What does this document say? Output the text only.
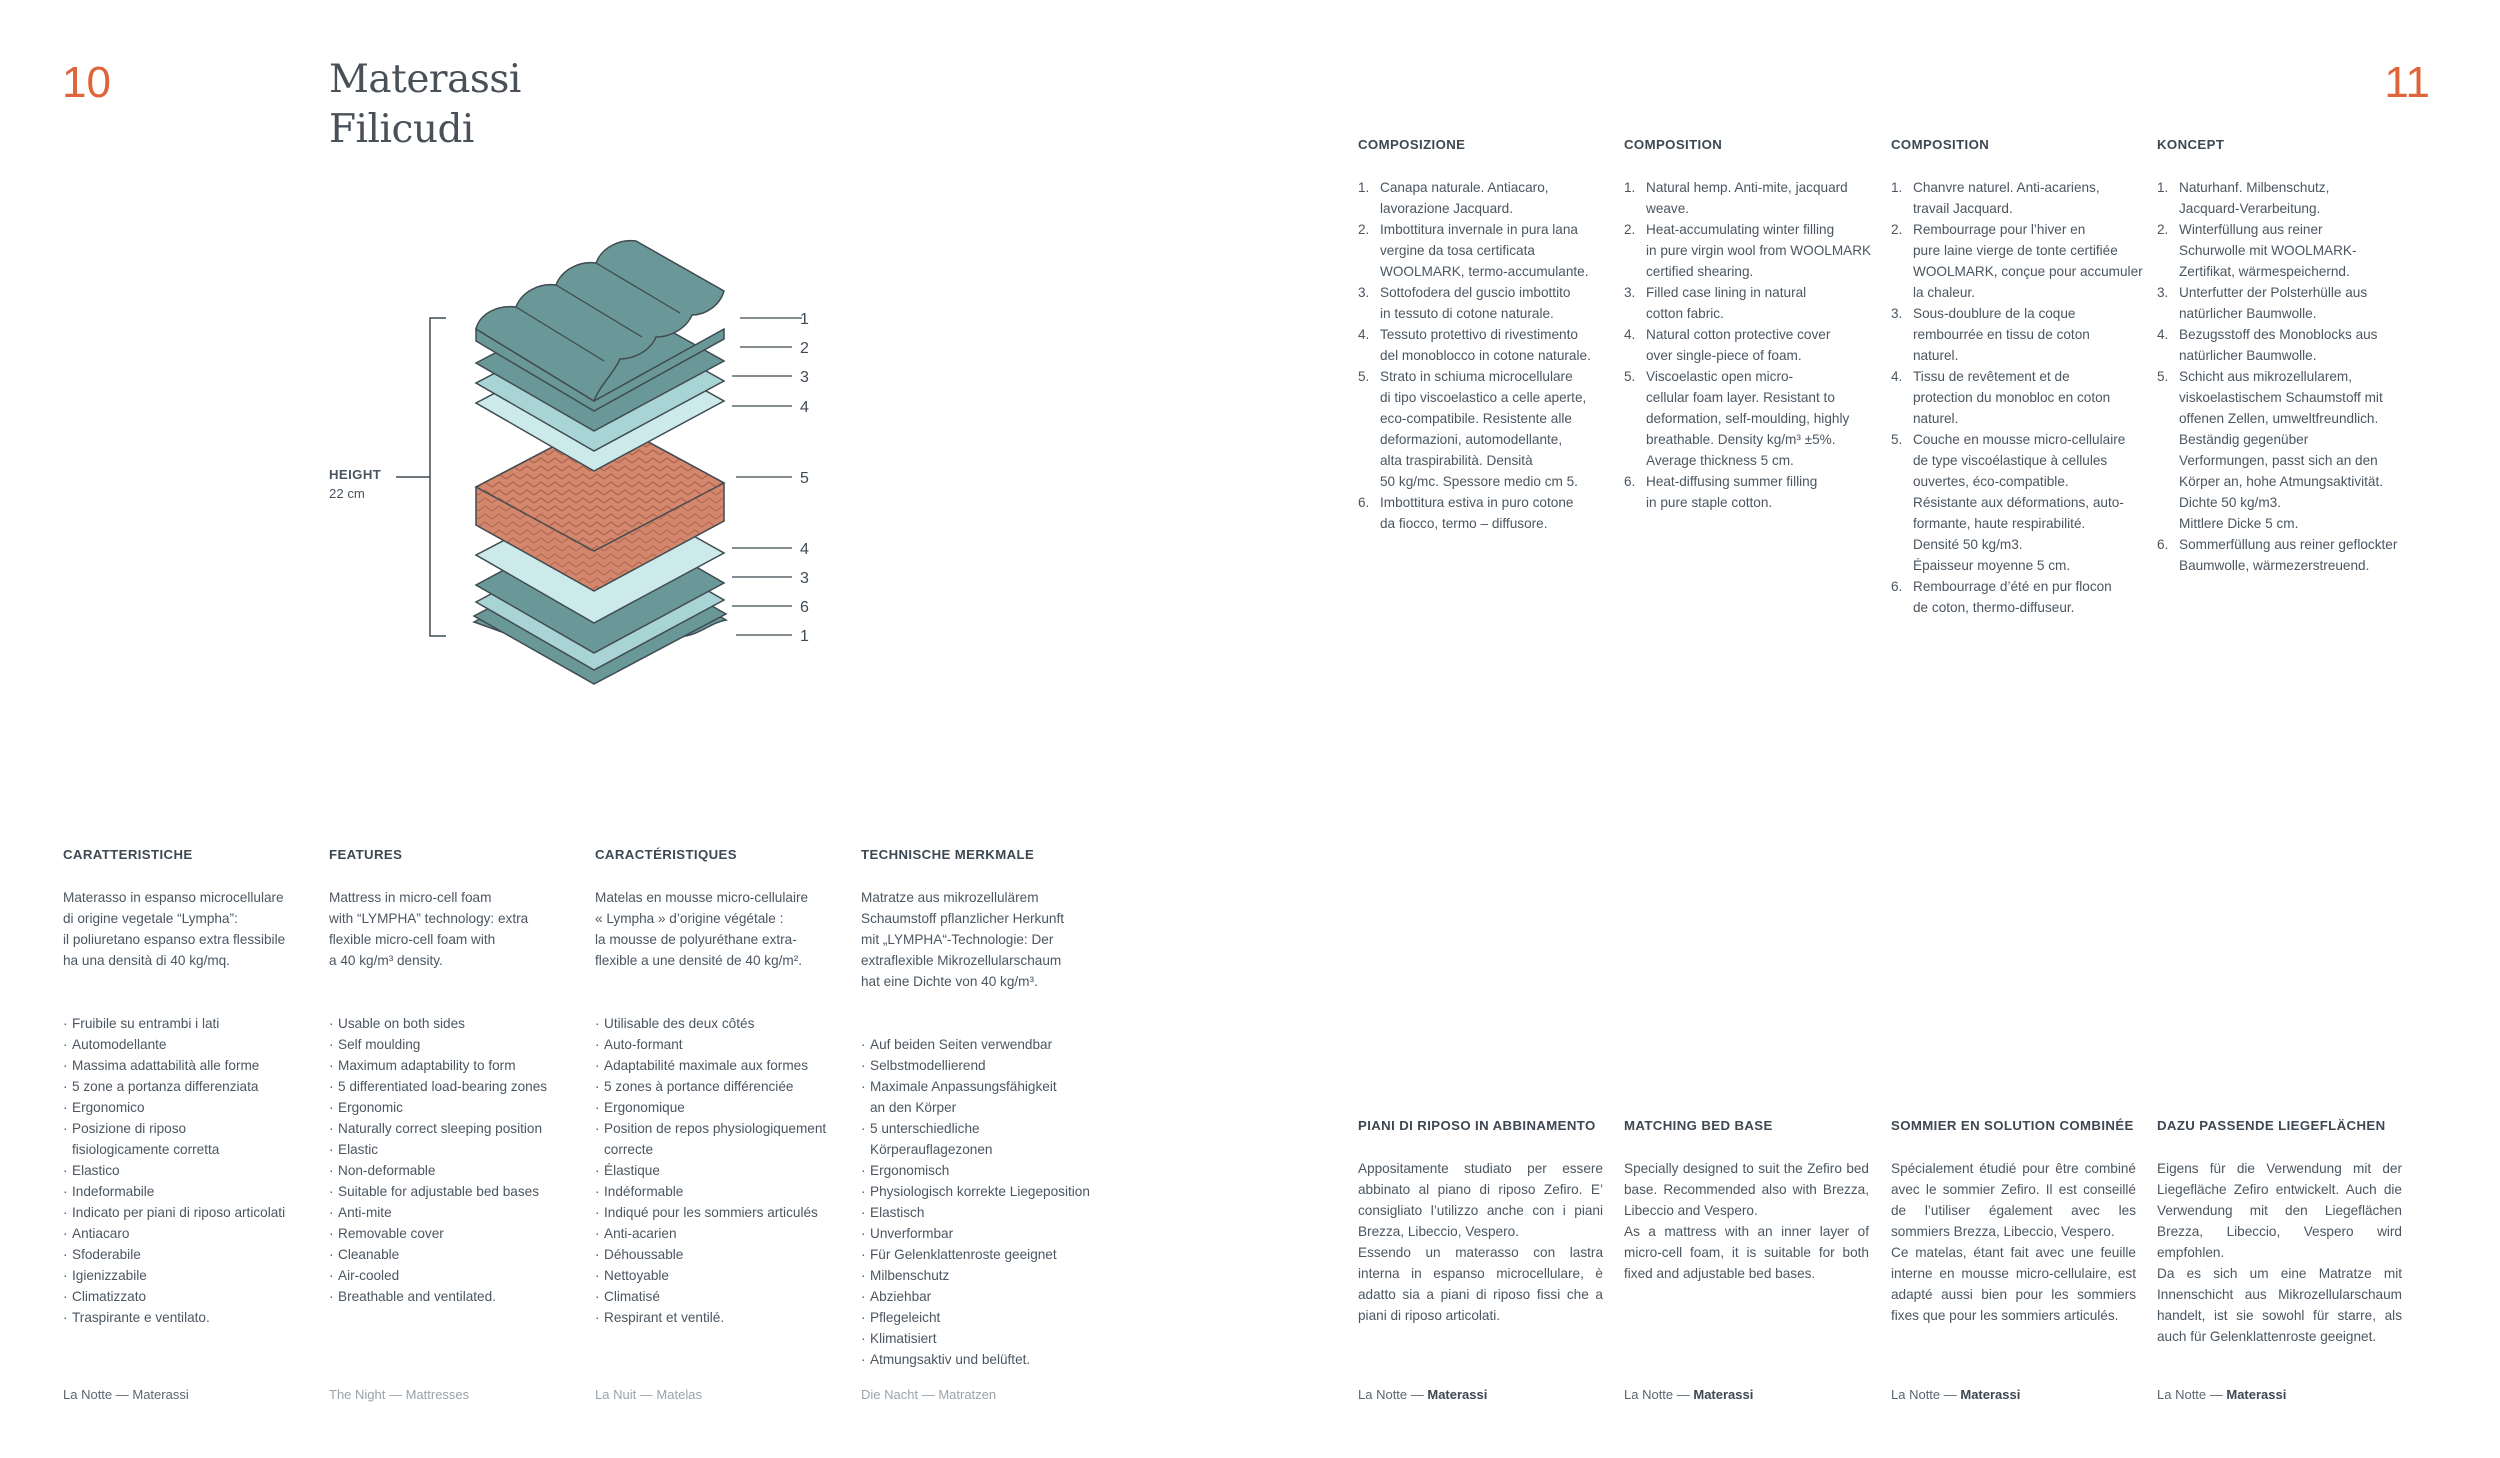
10	11
Materassi
Filicudi
HEIGHT
22 cm
1
2
3
4
5
4
3
6
1
COMPOSIZIONE
1. Canapa naturale. Antiacaro,
lavorazione Jacquard.
2. Imbottitura invernale in pura lana
vergine da tosa certificata
WOOLMARK, termo-accumulante.
3. Sottofodera del guscio imbottito
in tessuto di cotone naturale.
4. Tessuto protettivo di rivestimento
del monoblocco in cotone naturale.
5. Strato in schiuma microcellulare
di tipo viscoelastico a celle aperte,
eco-compatibile. Resistente alle
deformazioni, automodellante,
alta traspirabilità. Densità
50 kg/mc. Spessore medio cm 5.
6. Imbottitura estiva in puro cotone
da fiocco, termo – diffusore.
COMPOSITION
1. Natural hemp. Anti-mite, jacquard
weave.
2. Heat-accumulating winter filling
in pure virgin wool from WOOLMARK
certified shearing.
3. Filled case lining in natural
cotton fabric.
4. Natural cotton protective cover
over single-piece of foam.
5. Viscoelastic open micro-
cellular foam layer. Resistant to
deformation, self-moulding, highly
breathable. Density kg/m³ ±5%.
Average thickness 5 cm.
6. Heat-diffusing summer filling
in pure staple cotton.
COMPOSITION
1. Chanvre naturel. Anti-acariens,
travail Jacquard.
2. Rembourrage pour l’hiver en
pure laine vierge de tonte certifiée
WOOLMARK, conçue pour accumuler
la chaleur.
3. Sous-doublure de la coque
rembourrée en tissu de coton
naturel.
4. Tissu de revêtement et de
protection du monobloc en coton
naturel.
5. Couche en mousse micro-cellulaire
de type viscoélastique à cellules
ouvertes, éco-compatible.
Résistante aux déformations, auto-
formante, haute respirabilité.
Densité 50 kg/m3.
Épaisseur moyenne 5 cm.
6. Rembourrage d’été en pur flocon
de coton, thermo-diffuseur.
KONCEPT
1. Naturhanf. Milbenschutz,
Jacquard-Verarbeitung.
2. Winterfüllung aus reiner
Schurwolle mit WOOLMARK-
Zertifikat, wärmespeichernd.
3. Unterfutter der Polsterhülle aus
natürlicher Baumwolle.
4. Bezugsstoff des Monoblocks aus
natürlicher Baumwolle.
5. Schicht aus mikrozellularem,
viskoelastischem Schaumstoff mit
offenen Zellen, umweltfreundlich.
Beständig gegenüber
Verformungen, passt sich an den
Körper an, hohe Atmungsaktivität.
Dichte 50 kg/m3.
Mittlere Dicke 5 cm.
6. Sommerfüllung aus reiner geflockter
Baumwolle, wärmezerstreuend.
CARATTERISTICHE
Materasso in espanso microcellulare
di origine vegetale “Lympha”:
il poliuretano espanso extra flessibile
ha una densità di 40 kg/mq.
· Fruibile su entrambi i lati
· Automodellante
· Massima adattabilità alle forme
· 5 zone a portanza differenziata
· Ergonomico
· Posizione di riposo
fisiologicamente corretta
· Elastico
· Indeformabile
· Indicato per piani di riposo articolati
· Antiacaro
· Sfoderabile
· Igienizzabile
· Climatizzato
· Traspirante e ventilato.
FEATURES
Mattress in micro-cell foam
with “LYMPHA” technology: extra
flexible micro-cell foam with
a 40 kg/m³ density.
· Usable on both sides
· Self moulding
· Maximum adaptability to form
· 5 differentiated load-bearing zones
· Ergonomic
· Naturally correct sleeping position
· Elastic
· Non-deformable
· Suitable for adjustable bed bases
· Anti-mite
· Removable cover
· Cleanable
· Air-cooled
· Breathable and ventilated.
CARACTÉRISTIQUES
Matelas en mousse micro-cellulaire
« Lympha » d’origine végétale :
la mousse de polyuréthane extra-
flexible a une densité de 40 kg/m².
· Utilisable des deux côtés
· Auto-formant
· Adaptabilité maximale aux formes
· 5 zones à portance différenciée
· Ergonomique
· Position de repos physiologiquement
correcte
· Élastique
· Indéformable
· Indiqué pour les sommiers articulés
· Anti-acarien
· Déhoussable
· Nettoyable
· Climatisé
· Respirant et ventilé.
TECHNISCHE MERKMALE
Matratze aus mikrozellulärem
Schaumstoff pflanzlicher Herkunft
mit „LYMPHA“-Technologie: Der
extraflexible Mikrozellularschaum
hat eine Dichte von 40 kg/m³.
· Auf beiden Seiten verwendbar
· Selbstmodellierend
· Maximale Anpassungsfähigkeit
an den Körper
· 5 unterschiedliche
Körperauflagezonen
· Ergonomisch
· Physiologisch korrekte Liegeposition
· Elastisch
· Unverformbar
· Für Gelenklattenroste geeignet
· Milbenschutz
· Abziehbar
· Pflegeleicht
· Klimatisiert
· Atmungsaktiv und belüftet.
PIANI DI RIPOSO IN ABBINAMENTO
Appositamente studiato per essere abbinato al piano di riposo Zefiro. E’ consigliato l’utilizzo anche con i piani Brezza, Libeccio, Vespero.
Essendo un materasso con lastra interna in espanso microcellulare, è adatto sia a piani di riposo fissi che a piani di riposo articolati.
MATCHING BED BASE
Specially designed to suit the Zefiro bed base. Recommended also with Brezza, Libeccio and Vespero.
As a mattress with an inner layer of micro-cell foam, it is suitable for both fixed and adjustable bed bases.
SOMMIER EN SOLUTION COMBINÉE
Spécialement étudié pour être combiné avec le sommier Zefiro. Il est conseillé de l’utiliser également avec les sommiers Brezza, Libeccio, Vespero.
Ce matelas, étant fait avec une feuille interne en mousse micro-cellulaire, est adapté aussi bien pour les sommiers fixes que pour les sommiers articulés.
DAZU PASSENDE LIEGEFLÄCHEN
Eigens für die Verwendung mit der Liegefläche Zefiro entwickelt. Auch die Verwendung mit den Liegeflächen Brezza, Libeccio, Vespero wird empfohlen.
Da es sich um eine Matratze mit Innenschicht aus Mikrozellularschaum handelt, ist sie sowohl für starre, als auch für Gelenklattenroste geeignet.
La Notte — Materassi	The Night — Mattresses	La Nuit — Matelas	Die Nacht — Matratzen	La Notte — Materassi	La Notte — Materassi	La Notte — Materassi	La Notte — Materassi
